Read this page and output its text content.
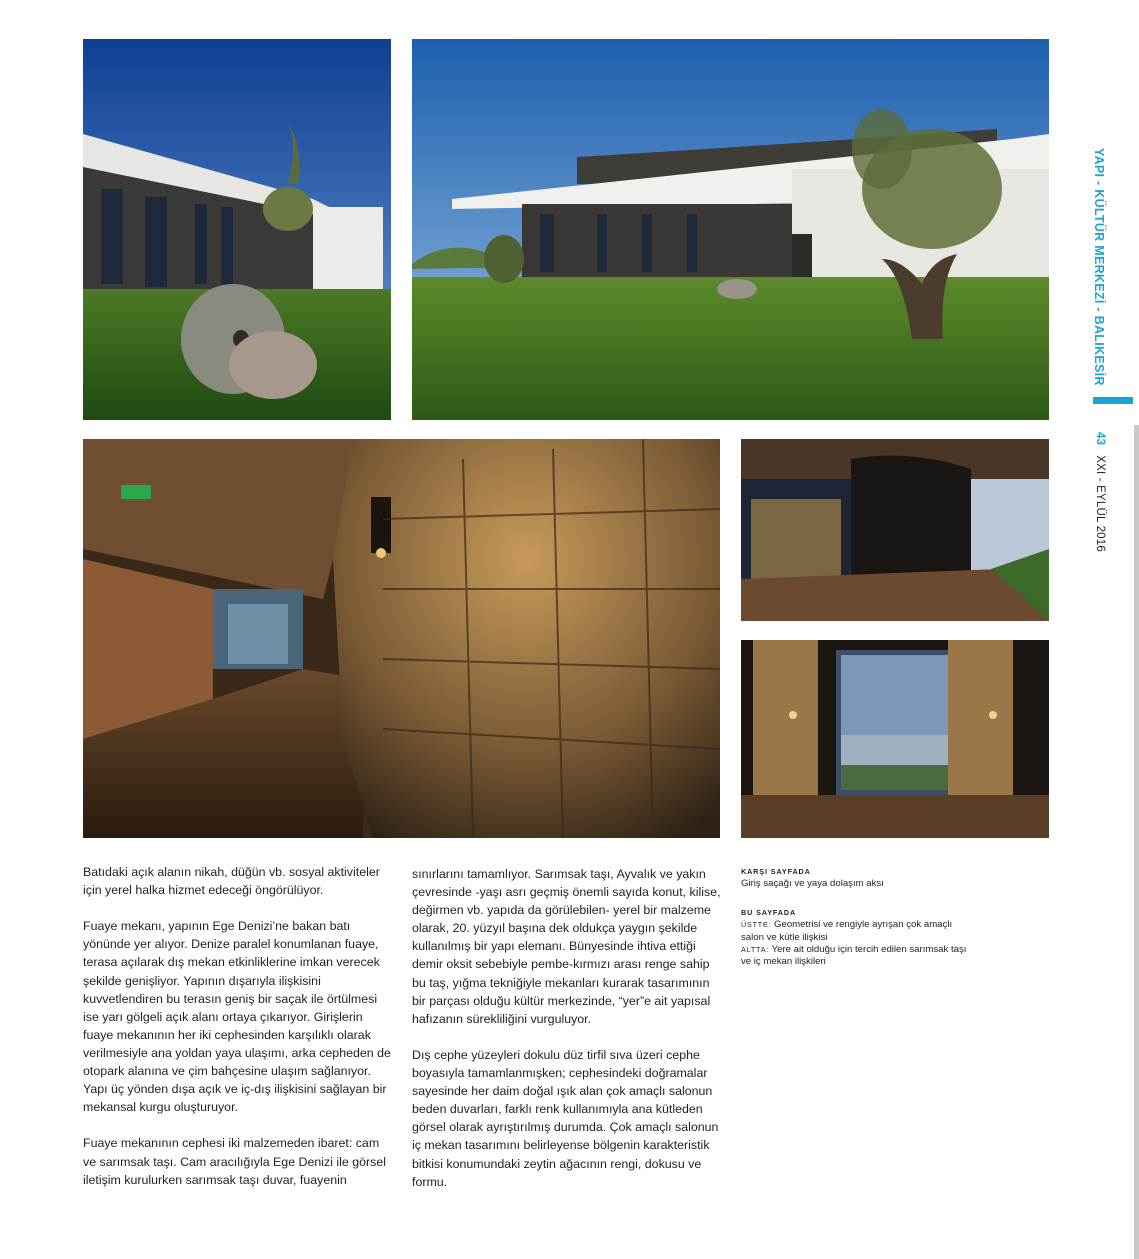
Batıdaki açık alanın nikah, düğün vb. sosyal aktiviteler için yerel halka hizmet edeceği öngörülüyor.

Fuaye mekanı, yapının Ege Denizi’ne bakan batı yönünde yer alıyor. Denize paralel konumlanan fuaye, terasa açılarak dış mekan etkinliklerine imkan verecek şekilde genişliyor. Yapının dışarıyla ilişkisini kuvvetlendiren bu terasın geniş bir saçak ile örtülmesi ise yarı gölgeli açık alanı ortaya çıkarıyor. Girişlerin fuaye mekanının her iki cephesinden karşılıklı olarak verilmesiyle ana yoldan yaya ulaşımı, arka cepheden de otopark alanına ve çim bahçesine ulaşım sağlanıyor. Yapı üç yönden dışa açık ve iç-dış ilişkisini sağlayan bir mekansal kurgu oluşturuyor.

Fuaye mekanının cephesi iki malzemeden ibaret: cam ve sarımsak taşı. Cam aracılığıyla Ege Denizi ile görsel iletişim kurulurken sarımsak taşı duvar, fuayenin

sınırlarını tamamlıyor. Sarımsak taşı, Ayvalık ve yakın çevresinde -yaşı asrı geçmiş önemli sayıda konut, kilise, değirmen vb. yapıda da görülebilen- yerel bir malzeme olarak, 20. yüzyıl başına dek oldukça yaygın şekilde kullanılmış bir yapı elemanı. Bünyesinde ihtiva ettiği demir oksit sebebiyle pembe-kırmızı arası renge sahip bu taş, yığma tekniğiyle mekanları kurarak tasarımının bir parçası olduğu kültür merkezinde, “yer”e ait yapısal hafızanın sürekliliğini vurguluyor.

Dış cephe yüzeyleri dokulu düz tirfil sıva üzeri cephe boyasıyla tamamlanmışken; cephesindeki doğramalar sayesinde her daim doğal ışık alan çok amaçlı salonun beden duvarları, farklı renk kullanımıyla ana kütleden görsel olarak ayrıştırılmış durumda. Çok amaçlı salonun iç mekan tasarımını belirleyense bölgenin karakteristik bitkisi konumundaki zeytin ağacının rengi, dokusu ve formu.

KARŞI SAYFADA
Giriş saçağı ve yaya dolaşım aksı
BU SAYFADA
ÜSTTE: Geometrisi ve rengiyle ayrışan çok amaçlı salon ve kütle ilişkisi
ALTTA: Yere ait olduğu için tercih edilen sarımsak taşı ve iç mekan ilişkileri
YAPI - KÜLTÜR MERKEZİ - BALIKESİR
43XXI - EYLÜL 2016
